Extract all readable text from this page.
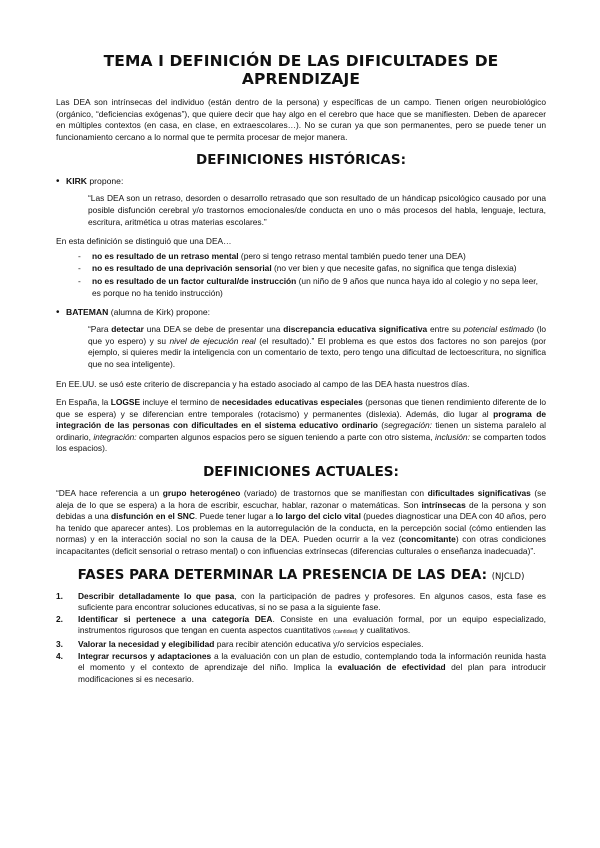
TEMA I DEFINICIÓN DE LAS DIFICULTADES DE APRENDIZAJE

Las DEA son intrínsecas del individuo (están dentro de la persona) y específicas de un campo. Tienen origen neurobiológico (orgánico, “deficiencias exógenas”), que quiere decir que hay algo en el cerebro que hace que se manifiesten. Deben de aparecer en múltiples contextos (en casa, en clase, en extraescolares…). No se curan ya que son permanentes, pero se puede tener un funcionamiento cercano a lo normal que te permita procesar de mejor manera.

DEFINICIONES HISTÓRICAS:
• KIRK propone:

“Las DEA son un retraso, desorden o desarrollo retrasado que son resultado de un hándicap psicológico causado por una posible disfunción cerebral y/o trastornos emocionales/de conducta en uno o más procesos del habla, lenguaje, lectura, escritura, aritmética u otras materias escolares.”

En esta definición se distinguió que una DEA…

- no es resultado de un retraso mental (pero si tengo retraso mental también puedo tener una DEA)
- no es resultado de una deprivación sensorial (no ver bien y que necesite gafas, no significa que tenga dislexia)
- no es resultado de un factor cultural/de instrucción (un niño de 9 años que nunca haya ido al colegio y no sepa leer, es porque no ha tenido instrucción)
• BATEMAN (alumna de Kirk) propone:

“Para detectar una DEA se debe de presentar una discrepancia educativa significativa entre su potencial estimado (lo que yo espero) y su nivel de ejecución real (el resultado).” El problema es que estos dos factores no son parejos (por ejemplo, si quieres medir la inteligencia con un comentario de texto, pero tengo una dificultad de lectoescritura, no significa que no sea inteligente).

En EE.UU. se usó este criterio de discrepancia y ha estado asociado al campo de las DEA hasta nuestros días.

En España, la LOGSE incluye el termino de necesidades educativas especiales (personas que tienen rendimiento diferente de lo que se espera) y se diferencian entre temporales (rotacismo) y permanentes (dislexia). Además, dio lugar al programa de integración de las personas con dificultades en el sistema educativo ordinario (segregación: tienen un sistema paralelo al ordinario, integración: comparten algunos espacios pero se siguen teniendo a parte con otro sistema, inclusión: se comparten todos los espacios).

DEFINICIONES ACTUALES:

“DEA hace referencia a un grupo heterogéneo (variado) de trastornos que se manifiestan con dificultades significativas (se aleja de lo que se espera) a la hora de escribir, escuchar, hablar, razonar o matemáticas. Son intrínsecas de la persona y son debidas a una disfunción en el SNC. Puede tener lugar a lo largo del ciclo vital (puedes diagnosticar una DEA con 40 años, pero ha tenido que aparecer antes). Los problemas en la autorregulación de la conducta, en la percepción social (cómo entienden las normas) y en la interacción social no son la causa de la DEA. Pueden ocurrir a la vez (concomitante) con otras condiciones incapacitantes (deficit sensorial o retraso mental) o con influencias extrínsecas (diferencias culturales o enseñanza inadecuada)”.

FASES PARA DETERMINAR LA PRESENCIA DE LAS DEA: (NJCLD)
1. Describir detalladamente lo que pasa, con la participación de padres y profesores. En algunos casos, esta fase es suficiente para encontrar soluciones educativas, si no se pasa a la siguiente fase.
2. Identificar si pertenece a una categoría DEA. Consiste en una evaluación formal, por un equipo especializado, instrumentos rigurosos que tengan en cuenta aspectos cuantitativos (cantidad) y cualitativos.
3. Valorar la necesidad y elegibilidad para recibir atención educativa y/o servicios especiales.
4. Integrar recursos y adaptaciones a la evaluación con un plan de estudio, contemplando toda la información reunida hasta el momento y el contexto de aprendizaje del niño. Implica la evaluación de efectividad del plan para introducir modificaciones si es necesario.
